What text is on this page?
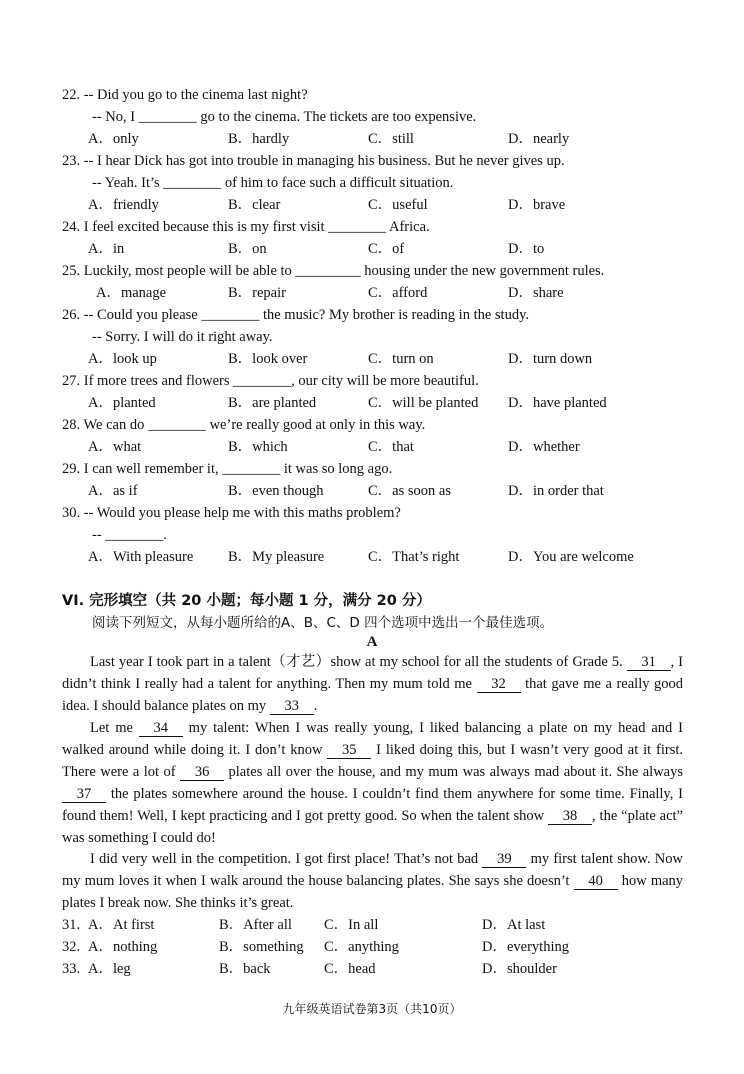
22. -- Did you go to the cinema last night?
-- No, I ________ go to the cinema. The tickets are too expensive.
A．only	B．hardly	C．still	D．nearly
23. -- I hear Dick has got into trouble in managing his business. But he never gives up.
-- Yeah. It’s ________ of him to face such a difficult situation.
A．friendly	B．clear	C．useful	D．brave
24. I feel excited because this is my first visit ________ Africa.
A．in	B．on	C．of	D．to
25. Luckily, most people will be able to _________ housing under the new government rules.
A．manage	B．repair	C．afford	D．share
26. -- Could you please ________ the music? My brother is reading in the study.
-- Sorry. I will do it right away.
A．look up	B．look over	C．turn on	D．turn down
27. If more trees and flowers ________, our city will be more beautiful.
A．planted	B．are planted	C．will be planted D．have planted
28. We can do ________ we’re really good at only in this way.
A．what	B．which	C．that	D．whether
29. I can well remember it, ________ it was so long ago.
A．as if	B．even though	C．as soon as	D．in order that
30. -- Would you please help me with this maths problem?
-- ________.
A．With pleasure B．My pleasure	C．That’s right	D．You are welcome
VI. 完形填空（共 20 小题；每小题 1 分，满分 20 分）
阅读下列短文，从每小题所给的A、B、C、D 四个选项中选出一个最佳选项。
A

Last year I took part in a talent（才艺）show at my school for all the students of Grade 5. 31 , I didn’t think I really had a talent for anything. Then my mum told me 32 that gave me a really good idea. I should balance plates on my 33 .

Let me 34 my talent: When I was really young, I liked balancing a plate on my head and I walked around while doing it. I don’t know 35 I liked doing this, but I wasn’t very good at it first. There were a lot of 36 plates all over the house, and my mum was always mad about it. She always 37 the plates somewhere around the house. I couldn’t find them anywhere for some time. Finally, I found them! Well, I kept practicing and I got pretty good. So when the talent show 38 , the “plate act” was something I could do!

I did very well in the competition. I got first place! That’s not bad 39 my first talent show. Now my mum loves it when I walk around the house balancing plates. She says she doesn’t 40 how many plates I break now. She thinks it’s great.

31. A．At first	B．After all C．In all	D．At last
32. A．nothing	B．something C．anything	D．everything
33. A．leg	B．back	C．head	D．shoulder
九年级英语试卷第3页（共10页）
